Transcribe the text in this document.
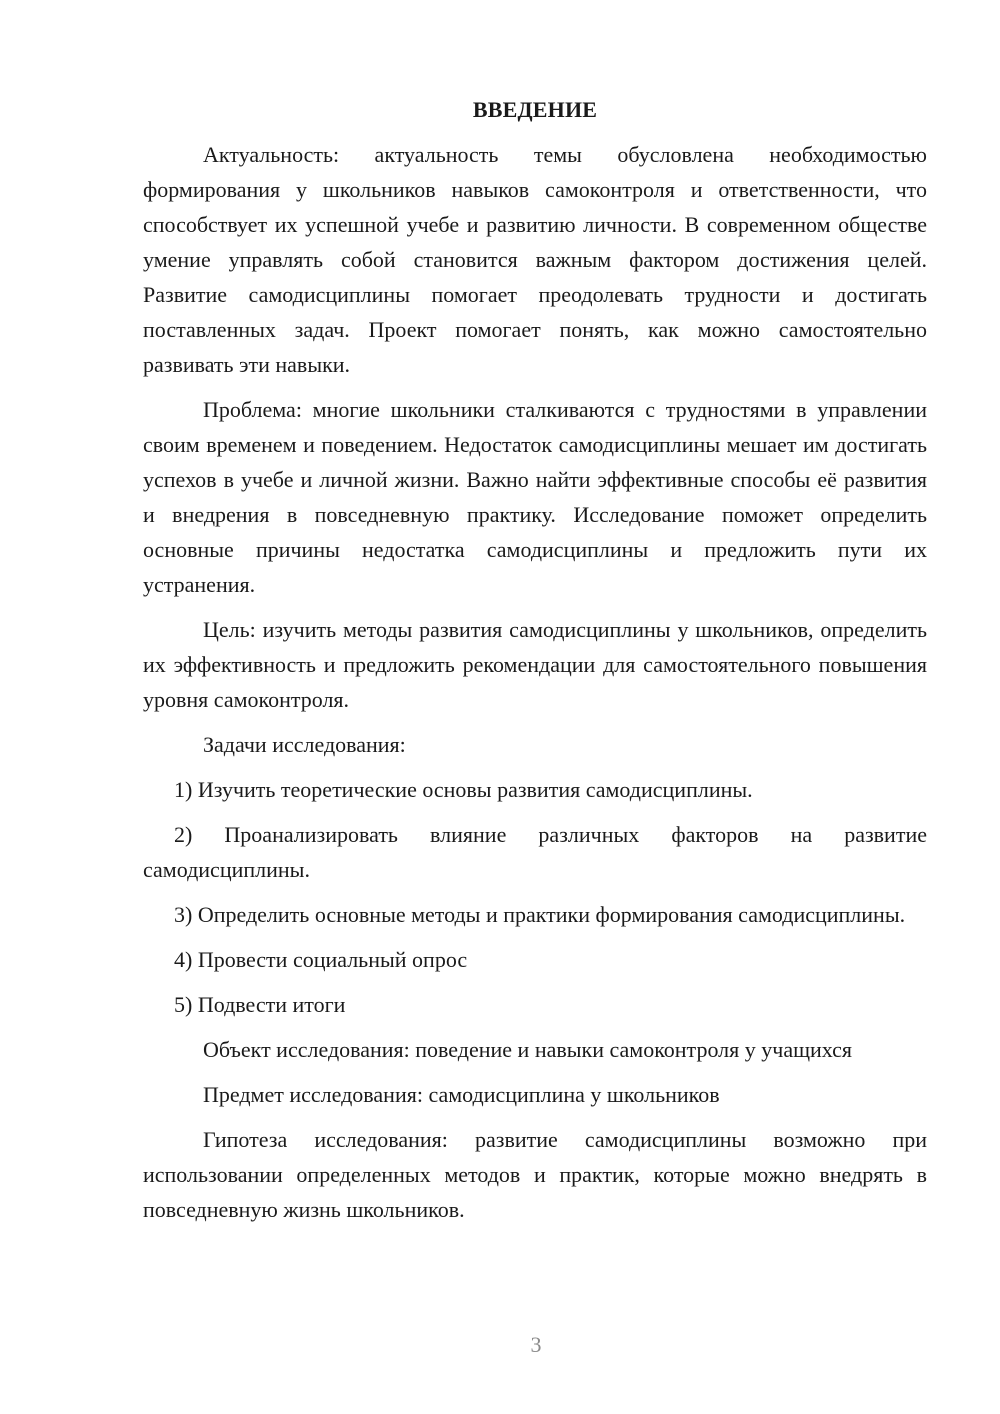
ВВЕДЕНИЕ

Актуальность: актуальность темы обусловлена необходимостью формирования у школьников навыков самоконтроля и ответственности, что способствует их успешной учебе и развитию личности. В современном обществе умение управлять собой становится важным фактором достижения целей. Развитие самодисциплины помогает преодолевать трудности и достигать поставленных задач. Проект помогает понять, как можно самостоятельно развивать эти навыки.

Проблема: многие школьники сталкиваются с трудностями в управлении своим временем и поведением. Недостаток самодисциплины мешает им достигать успехов в учебе и личной жизни. Важно найти эффективные способы её развития и внедрения в повседневную практику. Исследование поможет определить основные причины недостатка самодисциплины и предложить пути их устранения.

Цель: изучить методы развития самодисциплины у школьников, определить их эффективность и предложить рекомендации для самостоятельного повышения уровня самоконтроля.

Задачи исследования:

1) Изучить теоретические основы развития самодисциплины.

2) Проанализировать влияние различных факторов на развитие самодисциплины.

3) Определить основные методы и практики формирования самодисциплины.

4) Провести социальный опрос

5) Подвести итоги

Объект исследования: поведение и навыки самоконтроля у учащихся

Предмет исследования: самодисциплина у школьников

Гипотеза исследования: развитие самодисциплины возможно при использовании определенных методов и практик, которые можно внедрять в повседневную жизнь школьников.

3
